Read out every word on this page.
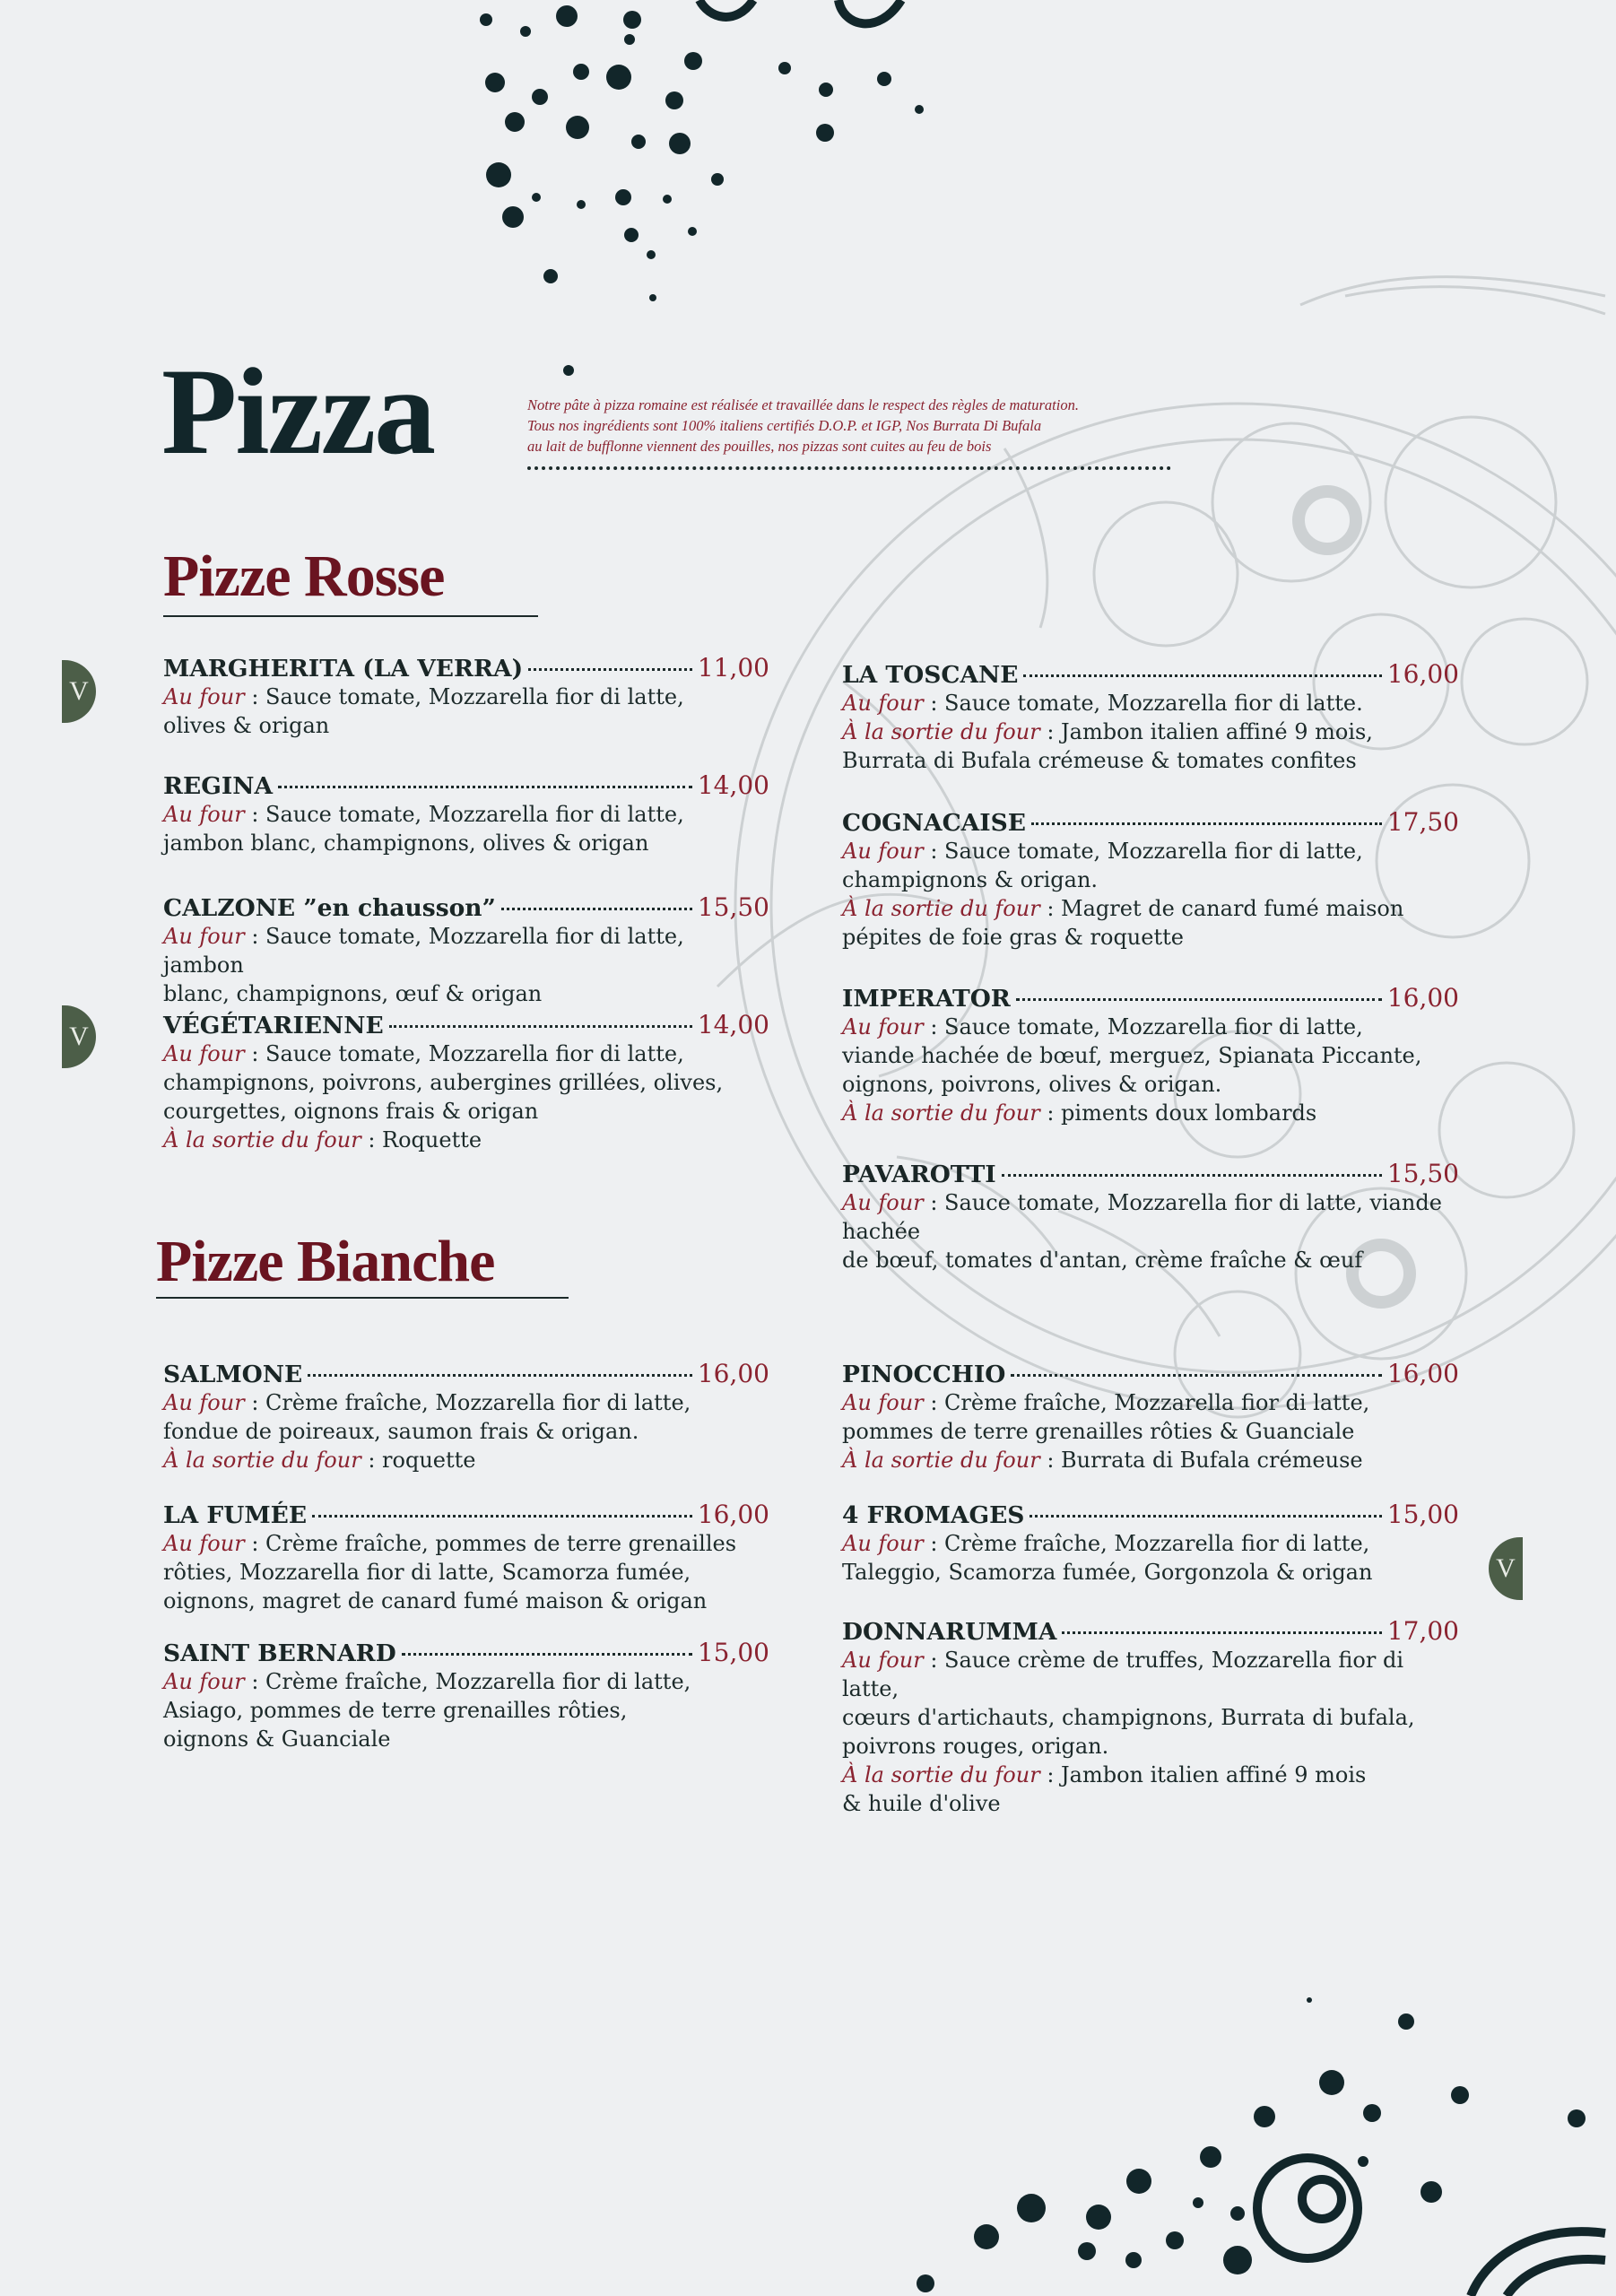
Pizza	Notre pâte à pizza romaine est réalisée et travaillée dans le respect des règles de maturation.

Tous nos ingrédients sont 100% italiens certifiés D.O.P. et IGP, Nos Burrata Di Bufala

au lait de bufflonne viennent des pouilles, nos pizzas sont cuites au feu de bois

Pizze Rosse
Pizze Bianche
V
V
V
MARGHERITA (LA VERRA)	11,00
Au four : Sauce tomate, Mozzarella fior di latte,
olives & origan
REGINA	14,00
Au four : Sauce tomate, Mozzarella fior di latte,
jambon blanc, champignons, olives & origan
CALZONE ”en chausson”	15,50
Au four : Sauce tomate, Mozzarella fior di latte, jambon
blanc, champignons, œuf & origan
VÉGÉTARIENNE	14,00
Au four : Sauce tomate, Mozzarella fior di latte,
champignons, poivrons, aubergines grillées, olives,
courgettes, oignons frais & origan
À la sortie du four : Roquette
LA TOSCANE	16,00
Au four : Sauce tomate, Mozzarella fior di latte.
À la sortie du four : Jambon italien affiné 9 mois,
Burrata di Bufala crémeuse & tomates confites
COGNACAISE	17,50
Au four : Sauce tomate, Mozzarella fior di latte,
champignons & origan.
À la sortie du four : Magret de canard fumé maison
pépites de foie gras & roquette
IMPERATOR	16,00
Au four : Sauce tomate, Mozzarella fior di latte,
viande hachée de bœuf, merguez, Spianata Piccante,
oignons, poivrons, olives & origan.
À la sortie du four : piments doux lombards
PAVAROTTI	15,50
Au four : Sauce tomate, Mozzarella fior di latte, viande hachée
de bœuf, tomates d'antan, crème fraîche & œuf
SALMONE	16,00
Au four : Crème fraîche, Mozzarella fior di latte,
fondue de poireaux, saumon frais & origan.
À la sortie du four : roquette
LA FUMÉE	16,00
Au four : Crème fraîche, pommes de terre grenailles
rôties, Mozzarella fior di latte, Scamorza fumée,
oignons, magret de canard fumé maison & origan
SAINT BERNARD	15,00
Au four : Crème fraîche, Mozzarella fior di latte,
Asiago, pommes de terre grenailles rôties,
oignons & Guanciale
PINOCCHIO	16,00
Au four : Crème fraîche, Mozzarella fior di latte,
pommes de terre grenailles rôties & Guanciale
À la sortie du four : Burrata di Bufala crémeuse
4 FROMAGES	15,00
Au four : Crème fraîche, Mozzarella fior di latte,
Taleggio, Scamorza fumée, Gorgonzola & origan
DONNARUMMA	17,00
Au four : Sauce crème de truffes, Mozzarella fior di latte,
cœurs d'artichauts, champignons, Burrata di bufala,
poivrons rouges, origan.
À la sortie du four : Jambon italien affiné 9 mois
& huile d'olive
